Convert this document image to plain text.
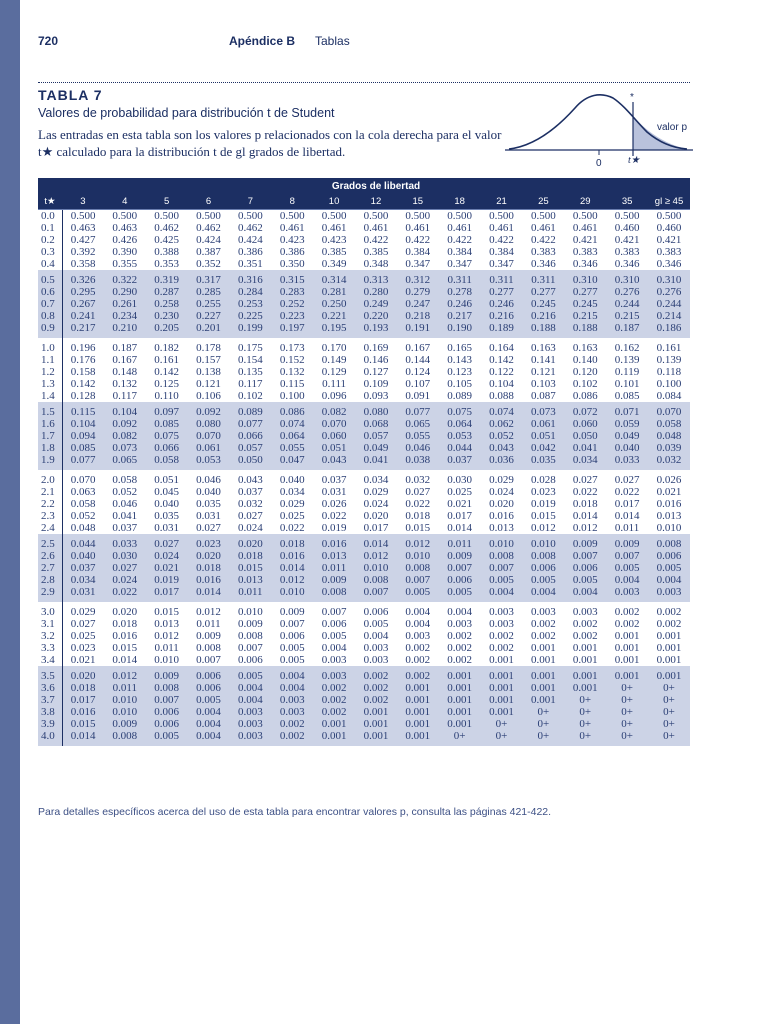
720	Apéndice B Tablas
TABLA 7
Valores de probabilidad para distribución t de Student
Las entradas en esta tabla son los valores p relacionados con la cola derecha para el valor t★ calculado para la distribución t de gl grados de libertad.
*
valor p
0	t★
	Grados de libertad														
t★	3	4	5	6	7	8	10	12	15	18	21	25	29	35	gl ≥ 45
0.0	0.500	0.500	0.500	0.500	0.500	0.500	0.500	0.500	0.500	0.500	0.500	0.500	0.500	0.500	0.500
0.1	0.463	0.463	0.462	0.462	0.462	0.461	0.461	0.461	0.461	0.461	0.461	0.461	0.461	0.460	0.460
0.2	0.427	0.426	0.425	0.424	0.424	0.423	0.423	0.422	0.422	0.422	0.422	0.422	0.421	0.421	0.421
0.3	0.392	0.390	0.388	0.387	0.386	0.386	0.385	0.385	0.384	0.384	0.384	0.383	0.383	0.383	0.383
0.4	0.358	0.355	0.353	0.352	0.351	0.350	0.349	0.348	0.347	0.347	0.347	0.346	0.346	0.346	0.346

0.5	0.326	0.322	0.319	0.317	0.316	0.315	0.314	0.313	0.312	0.311	0.311	0.311	0.310	0.310	0.310
0.6	0.295	0.290	0.287	0.285	0.284	0.283	0.281	0.280	0.279	0.278	0.277	0.277	0.277	0.276	0.276
0.7	0.267	0.261	0.258	0.255	0.253	0.252	0.250	0.249	0.247	0.246	0.246	0.245	0.245	0.244	0.244
0.8	0.241	0.234	0.230	0.227	0.225	0.223	0.221	0.220	0.218	0.217	0.216	0.216	0.215	0.215	0.214
0.9	0.217	0.210	0.205	0.201	0.199	0.197	0.195	0.193	0.191	0.190	0.189	0.188	0.188	0.187	0.186

1.0	0.196	0.187	0.182	0.178	0.175	0.173	0.170	0.169	0.167	0.165	0.164	0.163	0.163	0.162	0.161
1.1	0.176	0.167	0.161	0.157	0.154	0.152	0.149	0.146	0.144	0.143	0.142	0.141	0.140	0.139	0.139
1.2	0.158	0.148	0.142	0.138	0.135	0.132	0.129	0.127	0.124	0.123	0.122	0.121	0.120	0.119	0.118
1.3	0.142	0.132	0.125	0.121	0.117	0.115	0.111	0.109	0.107	0.105	0.104	0.103	0.102	0.101	0.100
1.4	0.128	0.117	0.110	0.106	0.102	0.100	0.096	0.093	0.091	0.089	0.088	0.087	0.086	0.085	0.084

1.5	0.115	0.104	0.097	0.092	0.089	0.086	0.082	0.080	0.077	0.075	0.074	0.073	0.072	0.071	0.070
1.6	0.104	0.092	0.085	0.080	0.077	0.074	0.070	0.068	0.065	0.064	0.062	0.061	0.060	0.059	0.058
1.7	0.094	0.082	0.075	0.070	0.066	0.064	0.060	0.057	0.055	0.053	0.052	0.051	0.050	0.049	0.048
1.8	0.085	0.073	0.066	0.061	0.057	0.055	0.051	0.049	0.046	0.044	0.043	0.042	0.041	0.040	0.039
1.9	0.077	0.065	0.058	0.053	0.050	0.047	0.043	0.041	0.038	0.037	0.036	0.035	0.034	0.033	0.032

2.0	0.070	0.058	0.051	0.046	0.043	0.040	0.037	0.034	0.032	0.030	0.029	0.028	0.027	0.027	0.026
2.1	0.063	0.052	0.045	0.040	0.037	0.034	0.031	0.029	0.027	0.025	0.024	0.023	0.022	0.022	0.021
2.2	0.058	0.046	0.040	0.035	0.032	0.029	0.026	0.024	0.022	0.021	0.020	0.019	0.018	0.017	0.016
2.3	0.052	0.041	0.035	0.031	0.027	0.025	0.022	0.020	0.018	0.017	0.016	0.015	0.014	0.014	0.013
2.4	0.048	0.037	0.031	0.027	0.024	0.022	0.019	0.017	0.015	0.014	0.013	0.012	0.012	0.011	0.010

2.5	0.044	0.033	0.027	0.023	0.020	0.018	0.016	0.014	0.012	0.011	0.010	0.010	0.009	0.009	0.008
2.6	0.040	0.030	0.024	0.020	0.018	0.016	0.013	0.012	0.010	0.009	0.008	0.008	0.007	0.007	0.006
2.7	0.037	0.027	0.021	0.018	0.015	0.014	0.011	0.010	0.008	0.007	0.007	0.006	0.006	0.005	0.005
2.8	0.034	0.024	0.019	0.016	0.013	0.012	0.009	0.008	0.007	0.006	0.005	0.005	0.005	0.004	0.004
2.9	0.031	0.022	0.017	0.014	0.011	0.010	0.008	0.007	0.005	0.005	0.004	0.004	0.004	0.003	0.003

3.0	0.029	0.020	0.015	0.012	0.010	0.009	0.007	0.006	0.004	0.004	0.003	0.003	0.003	0.002	0.002
3.1	0.027	0.018	0.013	0.011	0.009	0.007	0.006	0.005	0.004	0.003	0.003	0.002	0.002	0.002	0.002
3.2	0.025	0.016	0.012	0.009	0.008	0.006	0.005	0.004	0.003	0.002	0.002	0.002	0.002	0.001	0.001
3.3	0.023	0.015	0.011	0.008	0.007	0.005	0.004	0.003	0.002	0.002	0.002	0.001	0.001	0.001	0.001
3.4	0.021	0.014	0.010	0.007	0.006	0.005	0.003	0.003	0.002	0.002	0.001	0.001	0.001	0.001	0.001

3.5	0.020	0.012	0.009	0.006	0.005	0.004	0.003	0.002	0.002	0.001	0.001	0.001	0.001	0.001	0.001
3.6	0.018	0.011	0.008	0.006	0.004	0.004	0.002	0.002	0.001	0.001	0.001	0.001	0.001	0+	0+
3.7	0.017	0.010	0.007	0.005	0.004	0.003	0.002	0.002	0.001	0.001	0.001	0.001	0+	0+	0+
3.8	0.016	0.010	0.006	0.004	0.003	0.003	0.002	0.001	0.001	0.001	0.001	0+	0+	0+	0+
3.9	0.015	0.009	0.006	0.004	0.003	0.002	0.001	0.001	0.001	0.001	0+	0+	0+	0+	0+
4.0	0.014	0.008	0.005	0.004	0.003	0.002	0.001	0.001	0.001	0+	0+	0+	0+	0+	0+

Para detalles específicos acerca del uso de esta tabla para encontrar valores p, consulta las páginas 421-422.
